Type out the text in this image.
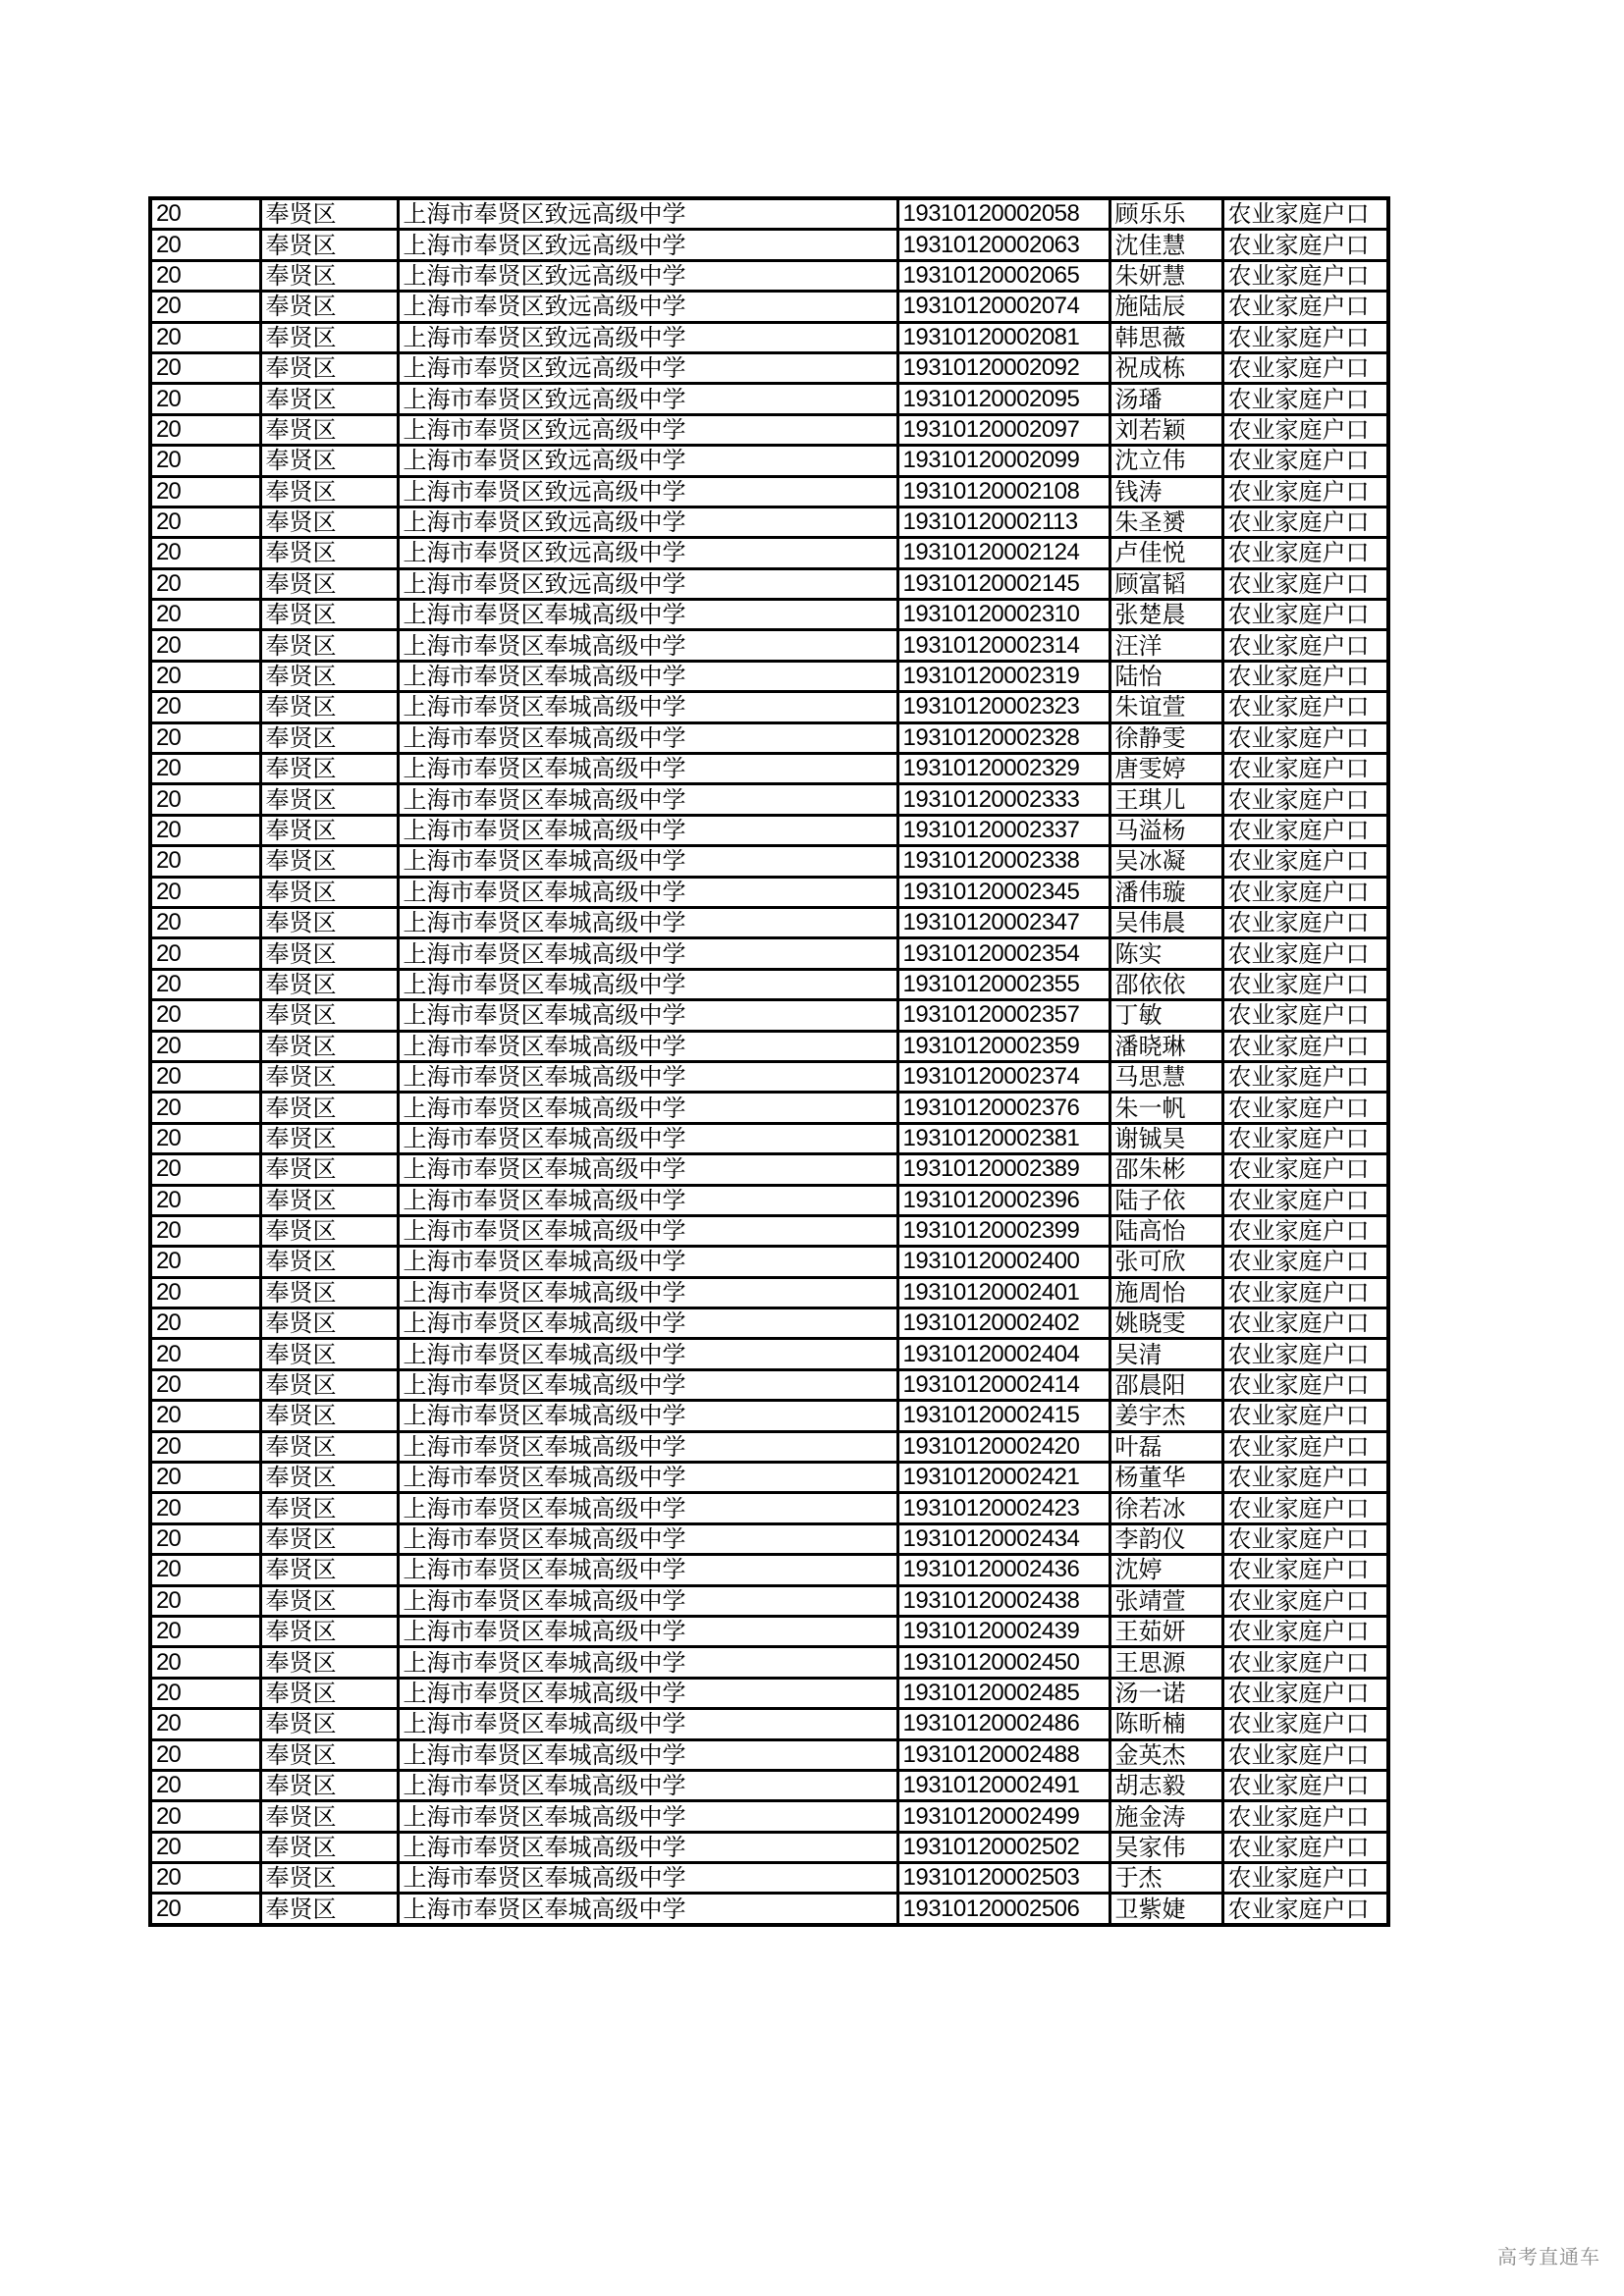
20	奉贤区	上海市奉贤区致远高级中学	19310120002058	顾乐乐	农业家庭户口
20	奉贤区	上海市奉贤区致远高级中学	19310120002063	沈佳慧	农业家庭户口
20	奉贤区	上海市奉贤区致远高级中学	19310120002065	朱妍慧	农业家庭户口
20	奉贤区	上海市奉贤区致远高级中学	19310120002074	施陆辰	农业家庭户口
20	奉贤区	上海市奉贤区致远高级中学	19310120002081	韩思薇	农业家庭户口
20	奉贤区	上海市奉贤区致远高级中学	19310120002092	祝成栋	农业家庭户口
20	奉贤区	上海市奉贤区致远高级中学	19310120002095	汤璠	农业家庭户口
20	奉贤区	上海市奉贤区致远高级中学	19310120002097	刘若颖	农业家庭户口
20	奉贤区	上海市奉贤区致远高级中学	19310120002099	沈立伟	农业家庭户口
20	奉贤区	上海市奉贤区致远高级中学	19310120002108	钱涛	农业家庭户口
20	奉贤区	上海市奉贤区致远高级中学	19310120002113	朱圣赟	农业家庭户口
20	奉贤区	上海市奉贤区致远高级中学	19310120002124	卢佳悦	农业家庭户口
20	奉贤区	上海市奉贤区致远高级中学	19310120002145	顾富韬	农业家庭户口
20	奉贤区	上海市奉贤区奉城高级中学	19310120002310	张楚晨	农业家庭户口
20	奉贤区	上海市奉贤区奉城高级中学	19310120002314	汪洋	农业家庭户口
20	奉贤区	上海市奉贤区奉城高级中学	19310120002319	陆怡	农业家庭户口
20	奉贤区	上海市奉贤区奉城高级中学	19310120002323	朱谊萱	农业家庭户口
20	奉贤区	上海市奉贤区奉城高级中学	19310120002328	徐静雯	农业家庭户口
20	奉贤区	上海市奉贤区奉城高级中学	19310120002329	唐雯婷	农业家庭户口
20	奉贤区	上海市奉贤区奉城高级中学	19310120002333	王琪儿	农业家庭户口
20	奉贤区	上海市奉贤区奉城高级中学	19310120002337	马溢杨	农业家庭户口
20	奉贤区	上海市奉贤区奉城高级中学	19310120002338	吴冰凝	农业家庭户口
20	奉贤区	上海市奉贤区奉城高级中学	19310120002345	潘伟璇	农业家庭户口
20	奉贤区	上海市奉贤区奉城高级中学	19310120002347	吴伟晨	农业家庭户口
20	奉贤区	上海市奉贤区奉城高级中学	19310120002354	陈实	农业家庭户口
20	奉贤区	上海市奉贤区奉城高级中学	19310120002355	邵依依	农业家庭户口
20	奉贤区	上海市奉贤区奉城高级中学	19310120002357	丁敏	农业家庭户口
20	奉贤区	上海市奉贤区奉城高级中学	19310120002359	潘晓琳	农业家庭户口
20	奉贤区	上海市奉贤区奉城高级中学	19310120002374	马思慧	农业家庭户口
20	奉贤区	上海市奉贤区奉城高级中学	19310120002376	朱一帆	农业家庭户口
20	奉贤区	上海市奉贤区奉城高级中学	19310120002381	谢铖昊	农业家庭户口
20	奉贤区	上海市奉贤区奉城高级中学	19310120002389	邵朱彬	农业家庭户口
20	奉贤区	上海市奉贤区奉城高级中学	19310120002396	陆子依	农业家庭户口
20	奉贤区	上海市奉贤区奉城高级中学	19310120002399	陆高怡	农业家庭户口
20	奉贤区	上海市奉贤区奉城高级中学	19310120002400	张可欣	农业家庭户口
20	奉贤区	上海市奉贤区奉城高级中学	19310120002401	施周怡	农业家庭户口
20	奉贤区	上海市奉贤区奉城高级中学	19310120002402	姚晓雯	农业家庭户口
20	奉贤区	上海市奉贤区奉城高级中学	19310120002404	吴清	农业家庭户口
20	奉贤区	上海市奉贤区奉城高级中学	19310120002414	邵晨阳	农业家庭户口
20	奉贤区	上海市奉贤区奉城高级中学	19310120002415	姜宇杰	农业家庭户口
20	奉贤区	上海市奉贤区奉城高级中学	19310120002420	叶磊	农业家庭户口
20	奉贤区	上海市奉贤区奉城高级中学	19310120002421	杨董华	农业家庭户口
20	奉贤区	上海市奉贤区奉城高级中学	19310120002423	徐若冰	农业家庭户口
20	奉贤区	上海市奉贤区奉城高级中学	19310120002434	李韵仪	农业家庭户口
20	奉贤区	上海市奉贤区奉城高级中学	19310120002436	沈婷	农业家庭户口
20	奉贤区	上海市奉贤区奉城高级中学	19310120002438	张靖萱	农业家庭户口
20	奉贤区	上海市奉贤区奉城高级中学	19310120002439	王茹妍	农业家庭户口
20	奉贤区	上海市奉贤区奉城高级中学	19310120002450	王思源	农业家庭户口
20	奉贤区	上海市奉贤区奉城高级中学	19310120002485	汤一诺	农业家庭户口
20	奉贤区	上海市奉贤区奉城高级中学	19310120002486	陈昕楠	农业家庭户口
20	奉贤区	上海市奉贤区奉城高级中学	19310120002488	金英杰	农业家庭户口
20	奉贤区	上海市奉贤区奉城高级中学	19310120002491	胡志毅	农业家庭户口
20	奉贤区	上海市奉贤区奉城高级中学	19310120002499	施金涛	农业家庭户口
20	奉贤区	上海市奉贤区奉城高级中学	19310120002502	吴家伟	农业家庭户口
20	奉贤区	上海市奉贤区奉城高级中学	19310120002503	于杰	农业家庭户口
20	奉贤区	上海市奉贤区奉城高级中学	19310120002506	卫紫婕	农业家庭户口
高考直通车
